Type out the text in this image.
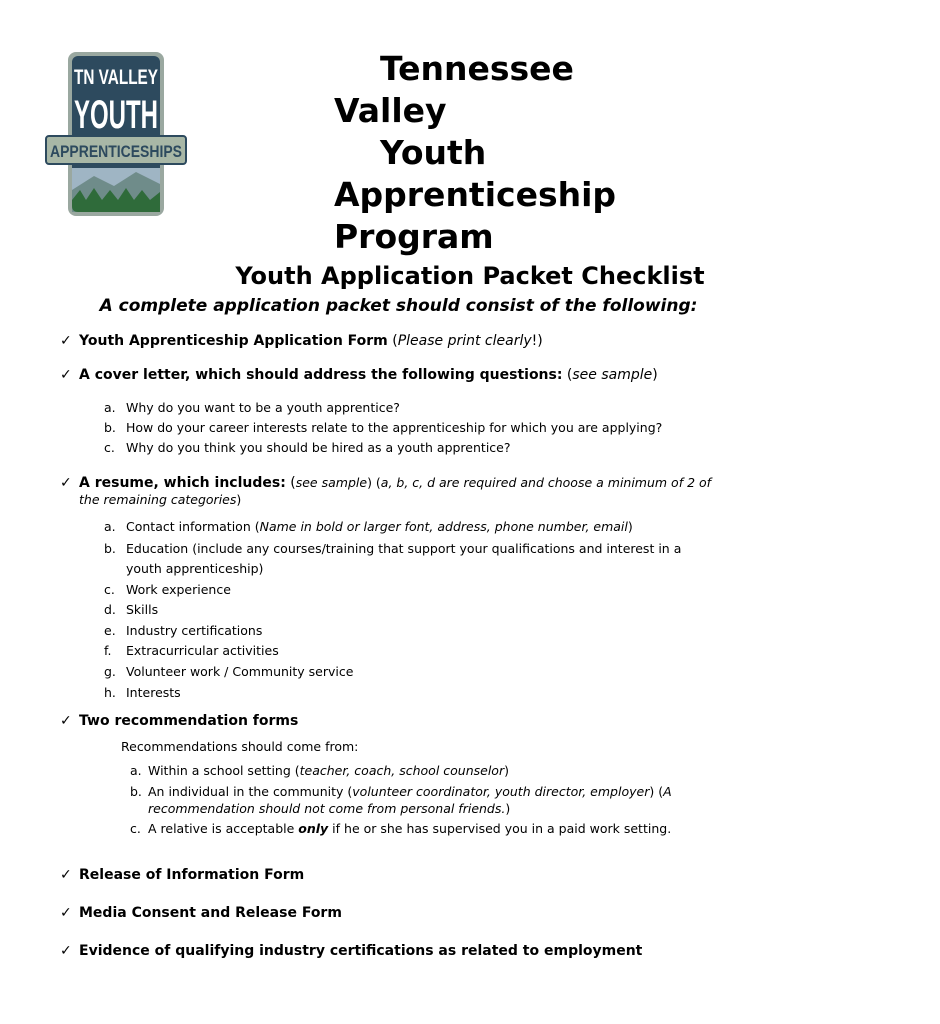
TN VALLEY
YOUTH
APPRENTICESHIPS
Tennessee
Valley
Youth
Apprenticeship
Program
Youth Application Packet Checklist
A complete application packet should consist of the following:
✓ Youth Apprenticeship Application Form (Please print clearly!)
✓ A cover letter, which should address the following questions: (see sample)
a. Why do you want to be a youth apprentice?
b. How do your career interests relate to the apprenticeship for which you are applying?
c. Why do you think you should be hired as a youth apprentice?
✓ A resume, which includes: (see sample) (a, b, c, d are required and choose a minimum of 2 of
the remaining categories)
a. Contact information (Name in bold or larger font, address, phone number, email)
b. Education (include any courses/training that support your qualifications and interest in a
youth apprenticeship)
c. Work experience
d. Skills
e. Industry certifications
f. Extracurricular activities
g. Volunteer work / Community service
h. Interests
✓ Two recommendation forms
Recommendations should come from:
a. Within a school setting (teacher, coach, school counselor)
b. An individual in the community (volunteer coordinator, youth director, employer) (A
recommendation should not come from personal friends.)
c. A relative is acceptable only if he or she has supervised you in a paid work setting.
✓ Release of Information Form
✓ Media Consent and Release Form
✓ Evidence of qualifying industry certifications as related to employment
